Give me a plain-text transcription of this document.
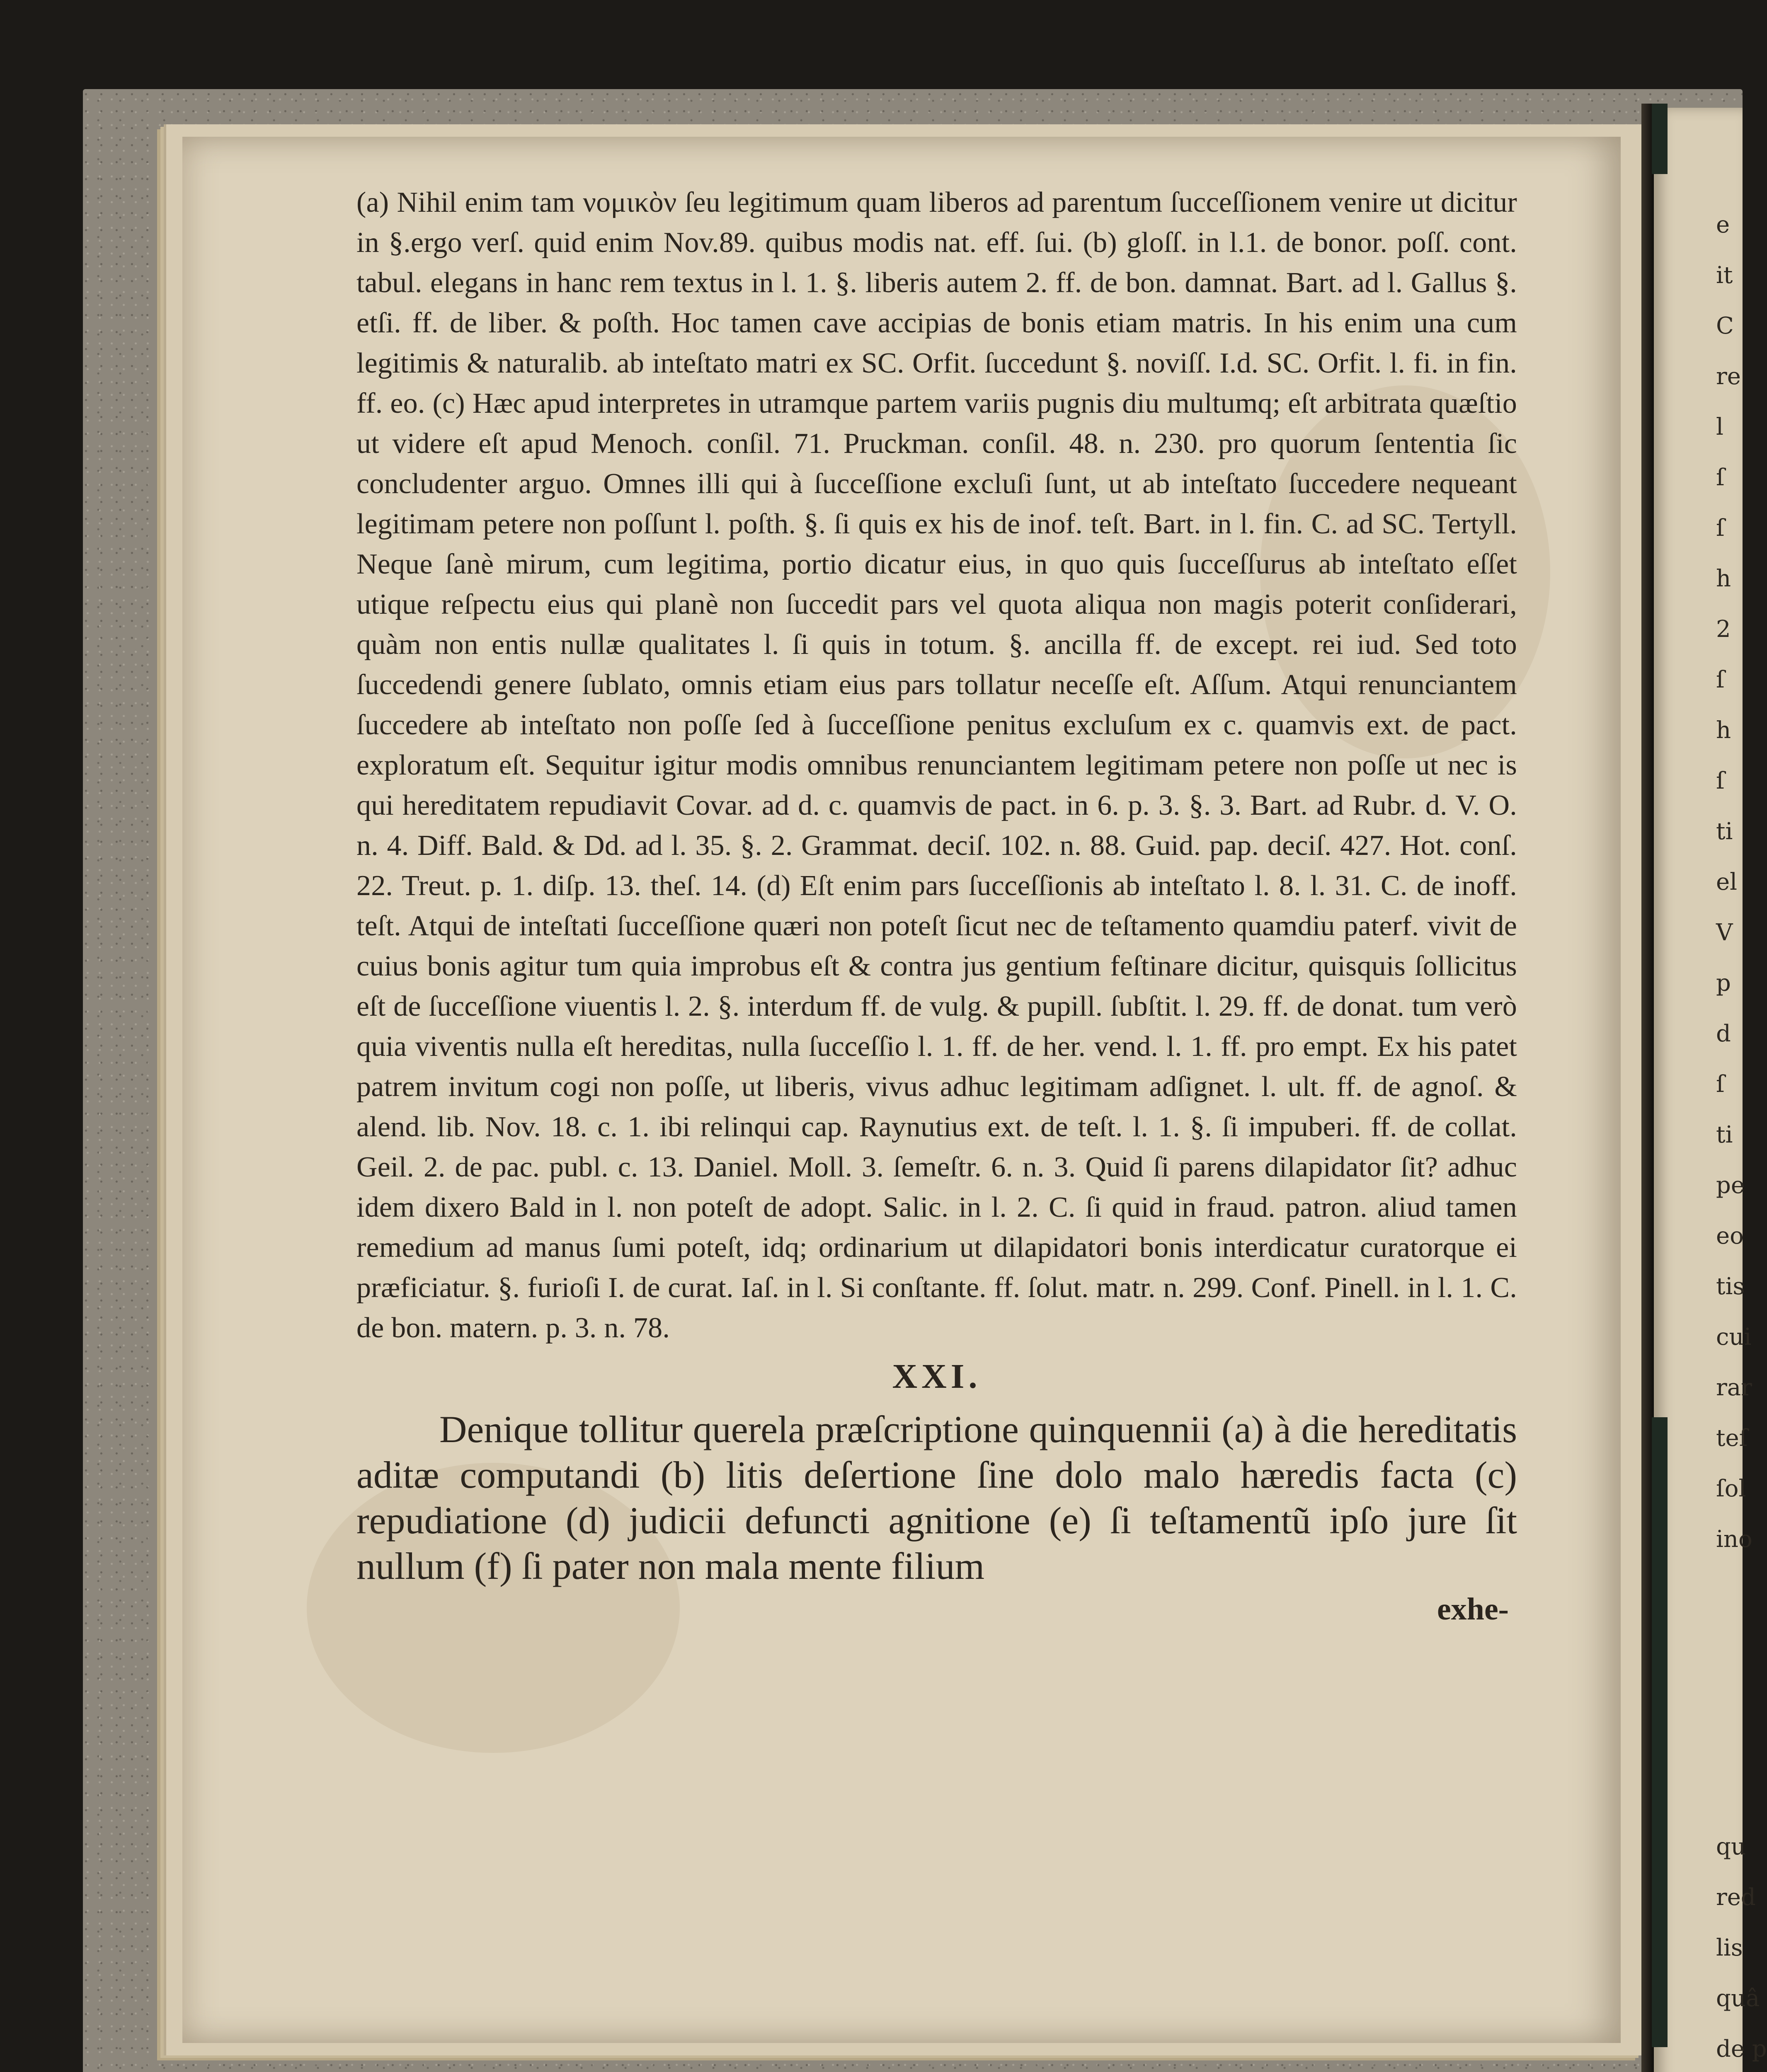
(a) Nihil enim tam νομικὸν ſeu legitimum quam liberos ad parentum ſucceſſionem venire ut dicitur in §.ergo verſ. quid enim Nov.89. quibus modis nat. eff. ſui. (b) gloſſ. in l.1. de bonor. poſſ. cont. tabul. elegans in hanc rem textus in l. 1. §. liberis autem 2. ff. de bon. damnat. Bart. ad l. Gallus §. etſi. ff. de liber. & poſth. Hoc tamen cave accipias de bonis etiam matris. In his enim una cum legitimis & naturalib. ab inteſtato matri ex SC. Orfit. ſuccedunt §. noviſſ. I.d. SC. Orfit. l. fi. in fin. ff. eo. (c) Hæc apud interpretes in utramque partem variis pugnis diu multumq; eſt arbitrata quæſtio ut videre eſt apud Menoch. conſil. 71. Pruckman. conſil. 48. n. 230. pro quorum ſententia ſic concludenter arguo. Omnes illi qui à ſucceſſione excluſi ſunt, ut ab inteſtato ſuccedere nequeant legitimam petere non poſſunt l. poſth. §. ſi quis ex his de inof. teſt. Bart. in l. fin. C. ad SC. Tertyll. Neque ſanè mirum, cum legitima, portio dicatur eius, in quo quis ſucceſſurus ab inteſtato eſſet utique reſpectu eius qui planè non ſuccedit pars vel quota aliqua non magis poterit conſiderari, quàm non entis nullæ qualitates l. ſi quis in totum. §. ancilla ff. de except. rei iud. Sed toto ſuccedendi genere ſublato, omnis etiam eius pars tollatur neceſſe eſt. Aſſum. Atqui renunciantem ſuccedere ab inteſtato non poſſe ſed à ſucceſſione penitus excluſum ex c. quamvis ext. de pact. exploratum eſt. Sequitur igitur modis omnibus renunciantem legitimam petere non poſſe ut nec is qui hereditatem repudiavit Covar. ad d. c. quamvis de pact. in 6. p. 3. §. 3. Bart. ad Rubr. d. V. O. n. 4. Diff. Bald. & Dd. ad l. 35. §. 2. Grammat. deciſ. 102. n. 88. Guid. pap. deciſ. 427. Hot. conſ. 22. Treut. p. 1. diſp. 13. theſ. 14. (d) Eſt enim pars ſucceſſionis ab inteſtato l. 8. l. 31. C. de inoff. teſt. Atqui de inteſtati ſucceſſione quæri non poteſt ſicut nec de teſtamento quamdiu paterf. vivit de cuius bonis agitur tum quia improbus eſt & contra jus gentium feſtinare dicitur, quisquis ſollicitus eſt de ſucceſſione viuentis l. 2. §. interdum ff. de vulg. & pupill. ſubſtit. l. 29. ff. de donat. tum verò quia viventis nulla eſt hereditas, nulla ſucceſſio l. 1. ff. de her. vend. l. 1. ff. pro empt. Ex his patet patrem invitum cogi non poſſe, ut liberis, vivus adhuc legitimam adſignet. l. ult. ff. de agnoſ. & alend. lib. Nov. 18. c. 1. ibi relinqui cap. Raynutius ext. de teſt. l. 1. §. ſi impuberi. ff. de collat. Geil. 2. de pac. publ. c. 13. Daniel. Moll. 3. ſemeſtr. 6. n. 3. Quid ſi parens dilapidator ſit? adhuc idem dixero Bald in l. non poteſt de adopt. Salic. in l. 2. C. ſi quid in fraud. patron. aliud tamen remedium ad manus ſumi poteſt, idq; ordinarium ut dilapidatori bonis interdicatur curatorque ei præficiatur. §. furioſi I. de curat. Iaſ. in l. Si conſtante. ff. ſolut. matr. n. 299. Conf. Pinell. in l. 1. C. de bon. matern. p. 3. n. 78.

XXI.

Denique tollitur querela præſcriptione quinquennii (a) à die hereditatis aditæ computandi (b) litis deſertione ſine dolo malo hæredis facta (c) repudiatione (d) judicii defuncti agnitione (e) ſi teſtamentũ ipſo jure ſit nullum (f) ſi pater non mala mente filium

exhe-
e
it
C
re
l
ſ
ſ
h
2
ſ
h
ſ
ti
el
V
p
d
ſ
ti
pe
eo
tis
cui
rar
teſ
ſol
ino
qu
red
lis
quâ
de p
